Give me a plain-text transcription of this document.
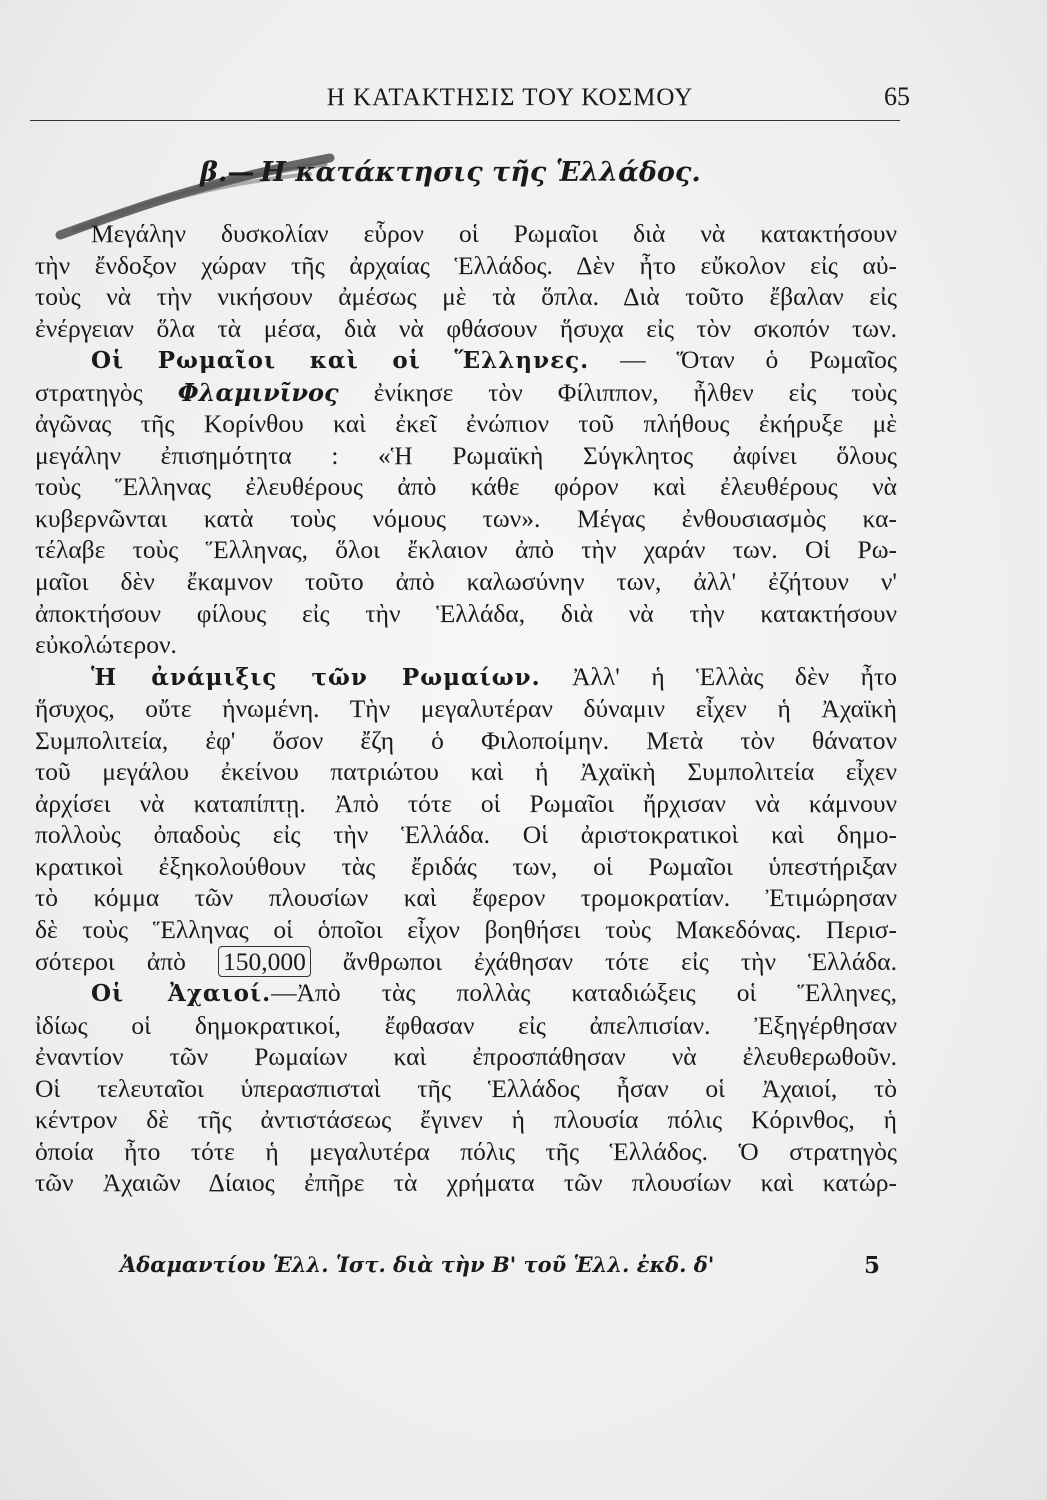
Η ΚΑΤΑΚΤΗΣΙΣ ΤΟΥ ΚΟΣΜΟΥ	65
β.— Η κατάκτησις τῆς Ἑλλάδος.
Μεγάλην δυσκολίαν εὗρον οἱ Ρωμαῖοι διὰ νὰ κατακτήσουν
τὴν ἔνδοξον χώραν τῆς ἀρχαίας Ἑλλάδος. Δὲν ἦτο εὔκολον εἰς αὐ-
τοὺς νὰ τὴν νικήσουν ἀμέσως μὲ τὰ ὅπλα. Διὰ τοῦτο ἔβαλαν εἰς
ἐνέργειαν ὅλα τὰ μέσα, διὰ νὰ φθάσουν ἥσυχα εἰς τὸν σκοπόν των.
Οἱ Ρωμαῖοι καὶ οἱ Ἕλληνες. — Ὅταν ὁ Ρωμαῖος
στρατηγὸς Φλαμινῖνος ἐνίκησε τὸν Φίλιππον, ἦλθεν εἰς τοὺς
ἀγῶνας τῆς Κορίνθου καὶ ἐκεῖ ἐνώπιον τοῦ πλήθους ἐκήρυξε μὲ
μεγάλην ἐπισημότητα : «Ἡ Ρωμαϊκὴ Σύγκλητος ἀφίνει ὅλους
τοὺς Ἕλληνας ἐλευθέρους ἀπὸ κάθε φόρον καὶ ἐλευθέρους νὰ
κυβερνῶνται κατὰ τοὺς νόμους των». Μέγας ἐνθουσιασμὸς κα-
τέλαβε τοὺς Ἕλληνας, ὅλοι ἔκλαιον ἀπὸ τὴν χαράν των. Οἱ Ρω-
μαῖοι δὲν ἔκαμνον τοῦτο ἀπὸ καλωσύνην των, ἀλλ' ἐζήτουν ν'
ἀποκτήσουν φίλους εἰς τὴν Ἑλλάδα, διὰ νὰ τὴν κατακτήσουν
εὐκολώτερον.
Ἡ ἀνάμιξις τῶν Ρωμαίων. Ἀλλ' ἡ Ἑλλὰς δὲν ἦτο
ἥσυχος, οὔτε ἡνωμένη. Τὴν μεγαλυτέραν δύναμιν εἶχεν ἡ Ἀχαϊκὴ
Συμπολιτεία, ἐφ' ὅσον ἔζη ὁ Φιλοποίμην. Μετὰ τὸν θάνατον
τοῦ μεγάλου ἐκείνου πατριώτου καὶ ἡ Ἀχαϊκὴ Συμπολιτεία εἶχεν
ἀρχίσει νὰ καταπίπτῃ. Ἀπὸ τότε οἱ Ρωμαῖοι ἤρχισαν νὰ κάμνουν
πολλοὺς ὀπαδοὺς εἰς τὴν Ἑλλάδα. Οἱ ἀριστοκρατικοὶ καὶ δημο-
κρατικοὶ ἐξηκολούθουν τὰς ἔριδάς των, οἱ Ρωμαῖοι ὑπεστήριξαν
τὸ κόμμα τῶν πλουσίων καὶ ἔφερον τρομοκρατίαν. Ἐτιμώρησαν
δὲ τοὺς Ἕλληνας οἱ ὁποῖοι εἶχον βοηθήσει τοὺς Μακεδόνας. Περισ-
σότεροι ἀπὸ 150,000 ἄνθρωποι ἐχάθησαν τότε εἰς τὴν Ἑλλάδα.
Οἱ Ἀχαιοί.—Ἀπὸ τὰς πολλὰς καταδιώξεις οἱ Ἕλληνες,
ἰδίως οἱ δημοκρατικοί, ἔφθασαν εἰς ἀπελπισίαν. Ἐξηγέρθησαν
ἐναντίον τῶν Ρωμαίων καὶ ἐπροσπάθησαν νὰ ἐλευθερωθοῦν.
Οἱ τελευταῖοι ὑπερασπισταὶ τῆς Ἑλλάδος ἦσαν οἱ Ἀχαιοί, τὸ
κέντρον δὲ τῆς ἀντιστάσεως ἔγινεν ἡ πλουσία πόλις Κόρινθος, ἡ
ὁποία ἦτο τότε ἡ μεγαλυτέρα πόλις τῆς Ἑλλάδος. Ὁ στρατηγὸς
τῶν Ἀχαιῶν Δίαιος ἐπῆρε τὰ χρήματα τῶν πλουσίων καὶ κατώρ-
Ἀδαμαντίου Ἑλλ. Ἱστ. διὰ τὴν Β' τοῦ Ἑλλ. ἐκδ. δ'	5
